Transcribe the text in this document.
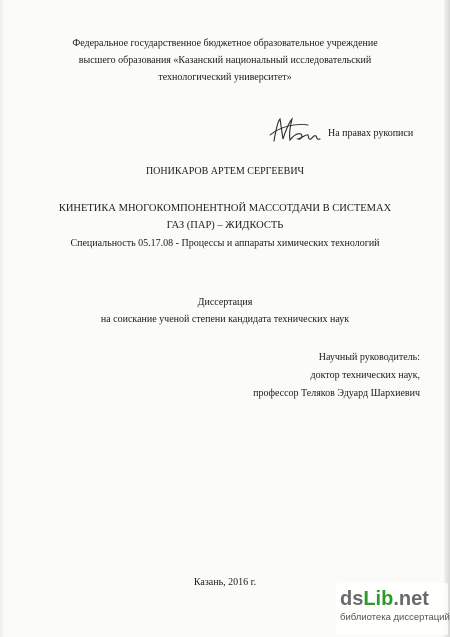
Федеральное государственное бюджетное образовательное учреждение
высшего образования «Казанский национальный исследовательский
технологический университет»
На правах рукописи
ПОНИКАРОВ АРТЕМ СЕРГЕЕВИЧ
КИНЕТИКА МНОГОКОМПОНЕНТНОЙ МАССОТДАЧИ В СИСТЕМАХ
ГАЗ (ПАР) – ЖИДКОСТЬ
Специальность 05.17.08 - Процессы и аппараты химических технологий
Диссертация
на соискание ученой степени кандидата технических наук
Научный руководитель:
доктор технических наук,
профессор Теляков Эдуард Шархиевич
Казань, 2016 г.
dsLib.net
библиотека диссертаций
